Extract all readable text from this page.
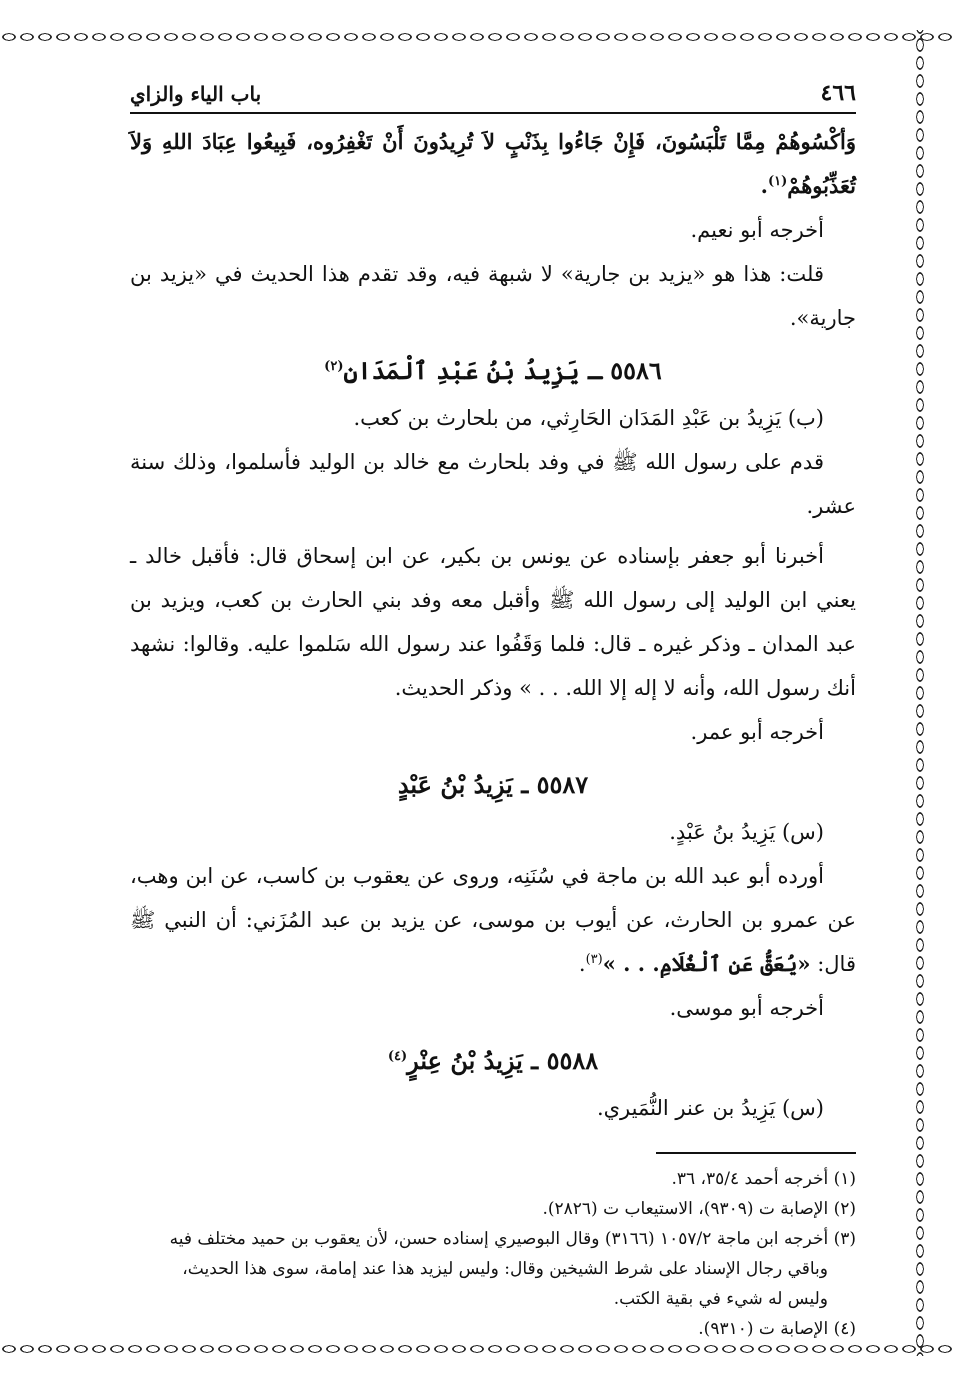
٤٦٦
باب الياء والزاي

وَأكْسُوهُمْ مِمَّا تَلْبَسُونَ، فَإِنْ جَاءُوا بِذَنْبٍ لاَ تُرِيدُونَ أَنْ تَغْفِرُوه، فَبِيعُوا عِبَادَ اللهِ وَلاَ تُعَذِّبُوهُمْ$^{(١)}$.

أخرجه أبو نعيم.

قلت: هذا هو «يزيد بن جارية» لا شبهة فيه، وقد تقدم هذا الحديث في «يزيد بن جارية».

٥٥٨٦ ـ يَزِيدُ بْنُ عَبْدِ ٱلْمَدَانِ$^{(٢)}$

(ب) يَزِيدُ بن عَبْدِ المَدَان الحَارِثي، من بلحارث بن كعب.

قدم على رسول الله ﷺ في وفد بلحارث مع خالد بن الوليد فأسلموا، وذلك سنة عشر.

أخبرنا أبو جعفر بإسناده عن يونس بن بكير، عن ابن إسحاق قال: فأقبل خالد ـ يعني ابن الوليد إلى رسول الله ﷺ وأقبل معه وفد بني الحارث بن كعب، ويزيد بن عبد المدان ـ وذكر غيره ـ قال: فلما وَقَفُوا عند رسول الله سَلموا عليه. وقالوا: نشهد أنك رسول الله، وأنه لا إله إلا الله. . . » وذكر الحديث.

أخرجه أبو عمر.

٥٥٨٧ ـ يَزِيدُ بْنُ عَبْدٍ

(س) يَزِيدُ بنُ عَبْدٍ.

أورده أبو عبد الله بن ماجة في سُنَنِه، وروى عن يعقوب بن كاسب، عن ابن وهب، عن عمرو بن الحارث، عن أيوب بن موسى، عن يزيد بن عبد المُزَني: أن النبي ﷺ قال: «يُعَقُّ عَنِ ٱلْغُلَامِ. . . »$^{(٣)}$.

أخرجه أبو موسى.

٥٥٨٨ ـ يَزِيدُ بْنُ عِنْرٍ$^{(٤)}$

(س) يَزِيدُ بن عنر النُّمَيري.

(١) أخرجه أحمد ٣٥/٤، ٣٦.

(٢) الإصابة ت (٩٣٠٩)، الاستيعاب ت (٢٨٢٦).

(٣) أخرجه ابن ماجة ١٠٥٧/٢ (٣١٦٦) وقال البوصيري إسناده حسن، لأن يعقوب بن حميد مختلف فيه

وباقي رجال الإسناد على شرط الشيخين وقال: وليس ليزيد هذا عند إمامة، سوى هذا الحديث،

وليس له شيء في بقية الكتب.

(٤) الإصابة ت (٩٣١٠).
